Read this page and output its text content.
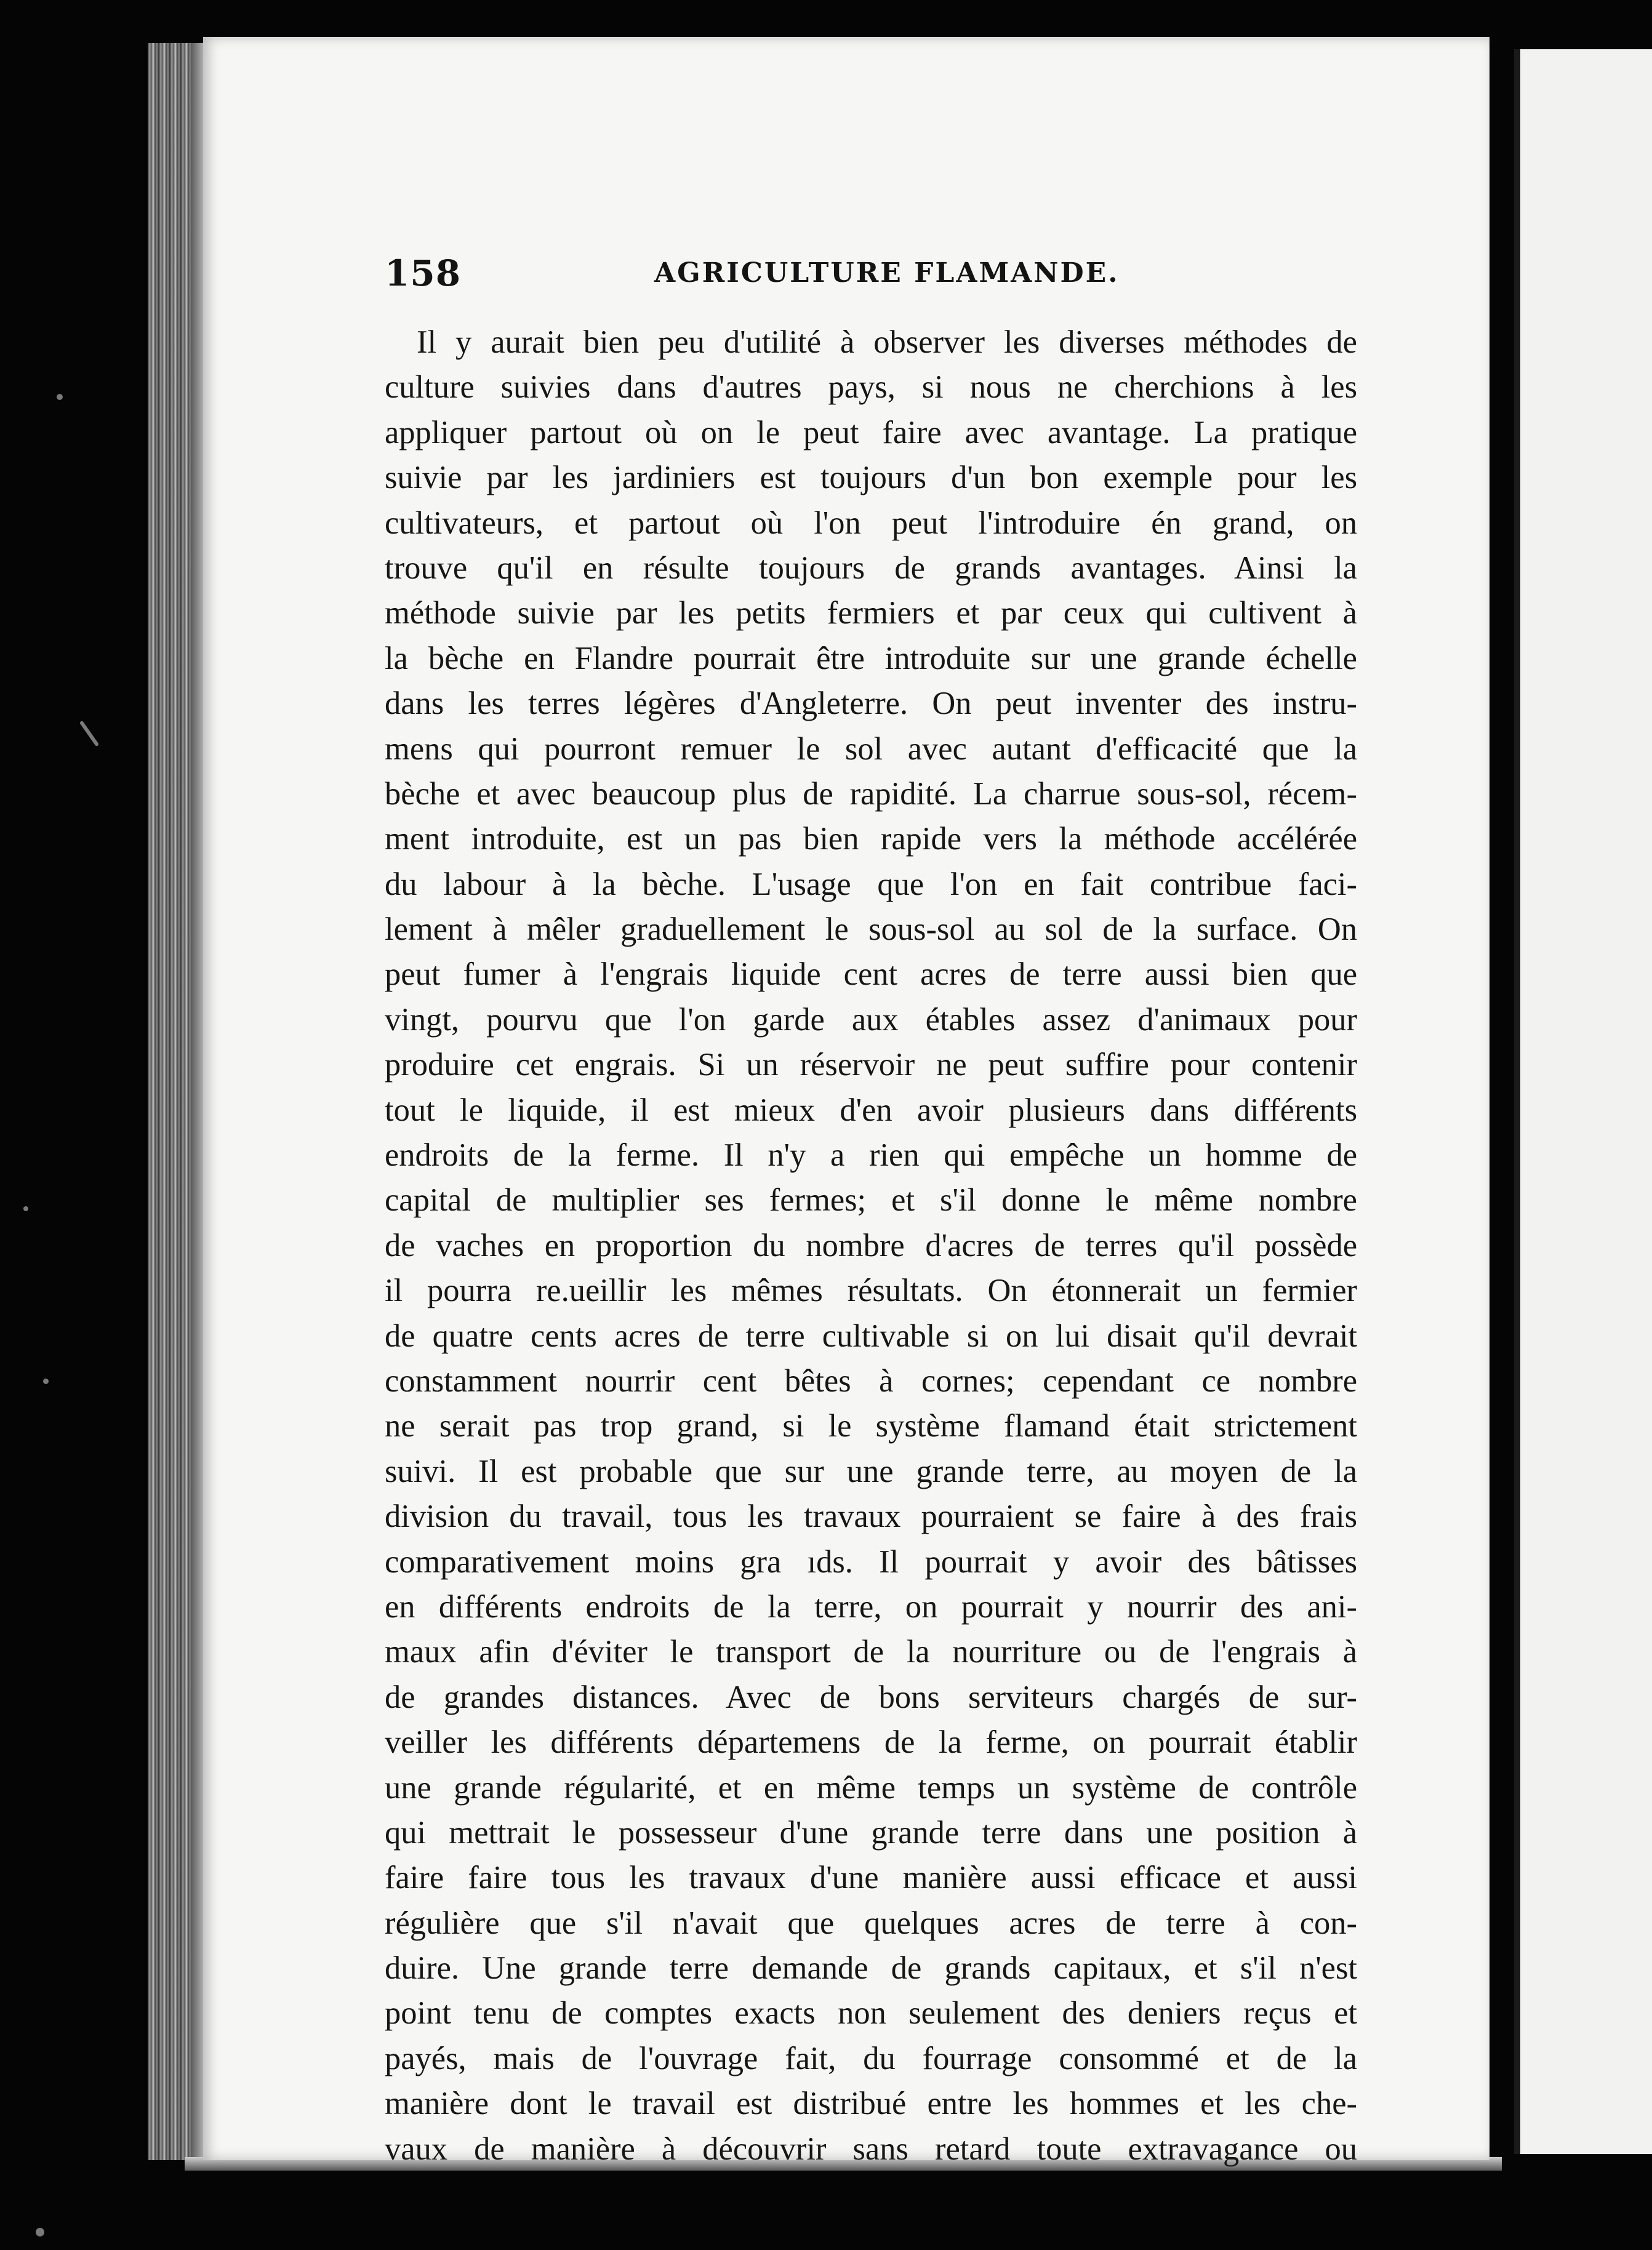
158	AGRICULTURE FLAMANDE.
Il y aurait bien peu d'utilité à observer les diverses méthodes de
culture suivies dans d'autres pays, si nous ne cherchions à les
appliquer partout où on le peut faire avec avantage. La pratique
suivie par les jardiniers est toujours d'un bon exemple pour les
cultivateurs, et partout où l'on peut l'introduire én grand, on
trouve qu'il en résulte toujours de grands avantages. Ainsi la
méthode suivie par les petits fermiers et par ceux qui cultivent à
la bèche en Flandre pourrait être introduite sur une grande échelle
dans les terres légères d'Angleterre. On peut inventer des instru-
mens qui pourront remuer le sol avec autant d'efficacité que la
bèche et avec beaucoup plus de rapidité. La charrue sous-sol, récem-
ment introduite, est un pas bien rapide vers la méthode accélérée
du labour à la bèche. L'usage que l'on en fait contribue faci-
lement à mêler graduellement le sous-sol au sol de la surface. On
peut fumer à l'engrais liquide cent acres de terre aussi bien que
vingt, pourvu que l'on garde aux étables assez d'animaux pour
produire cet engrais. Si un réservoir ne peut suffire pour contenir
tout le liquide, il est mieux d'en avoir plusieurs dans différents
endroits de la ferme. Il n'y a rien qui empêche un homme de
capital de multiplier ses fermes; et s'il donne le même nombre
de vaches en proportion du nombre d'acres de terres qu'il possède
il pourra re.ueillir les mêmes résultats. On étonnerait un fermier
de quatre cents acres de terre cultivable si on lui disait qu'il devrait
constamment nourrir cent bêtes à cornes; cependant ce nombre
ne serait pas trop grand, si le système flamand était strictement
suivi. Il est probable que sur une grande terre, au moyen de la
division du travail, tous les travaux pourraient se faire à des frais
comparativement moins gra ıds. Il pourrait y avoir des bâtisses
en différents endroits de la terre, on pourrait y nourrir des ani-
maux afin d'éviter le transport de la nourriture ou de l'engrais à
de grandes distances. Avec de bons serviteurs chargés de sur-
veiller les différents départemens de la ferme, on pourrait établir
une grande régularité, et en même temps un système de contrôle
qui mettrait le possesseur d'une grande terre dans une position à
faire faire tous les travaux d'une manière aussi efficace et aussi
régulière que s'il n'avait que quelques acres de terre à con-
duire. Une grande terre demande de grands capitaux, et s'il n'est
point tenu de comptes exacts non seulement des deniers reçus et
payés, mais de l'ouvrage fait, du fourrage consommé et de la
manière dont le travail est distribué entre les hommes et les che-
vaux de manière à découvrir sans retard toute extravagance ou
